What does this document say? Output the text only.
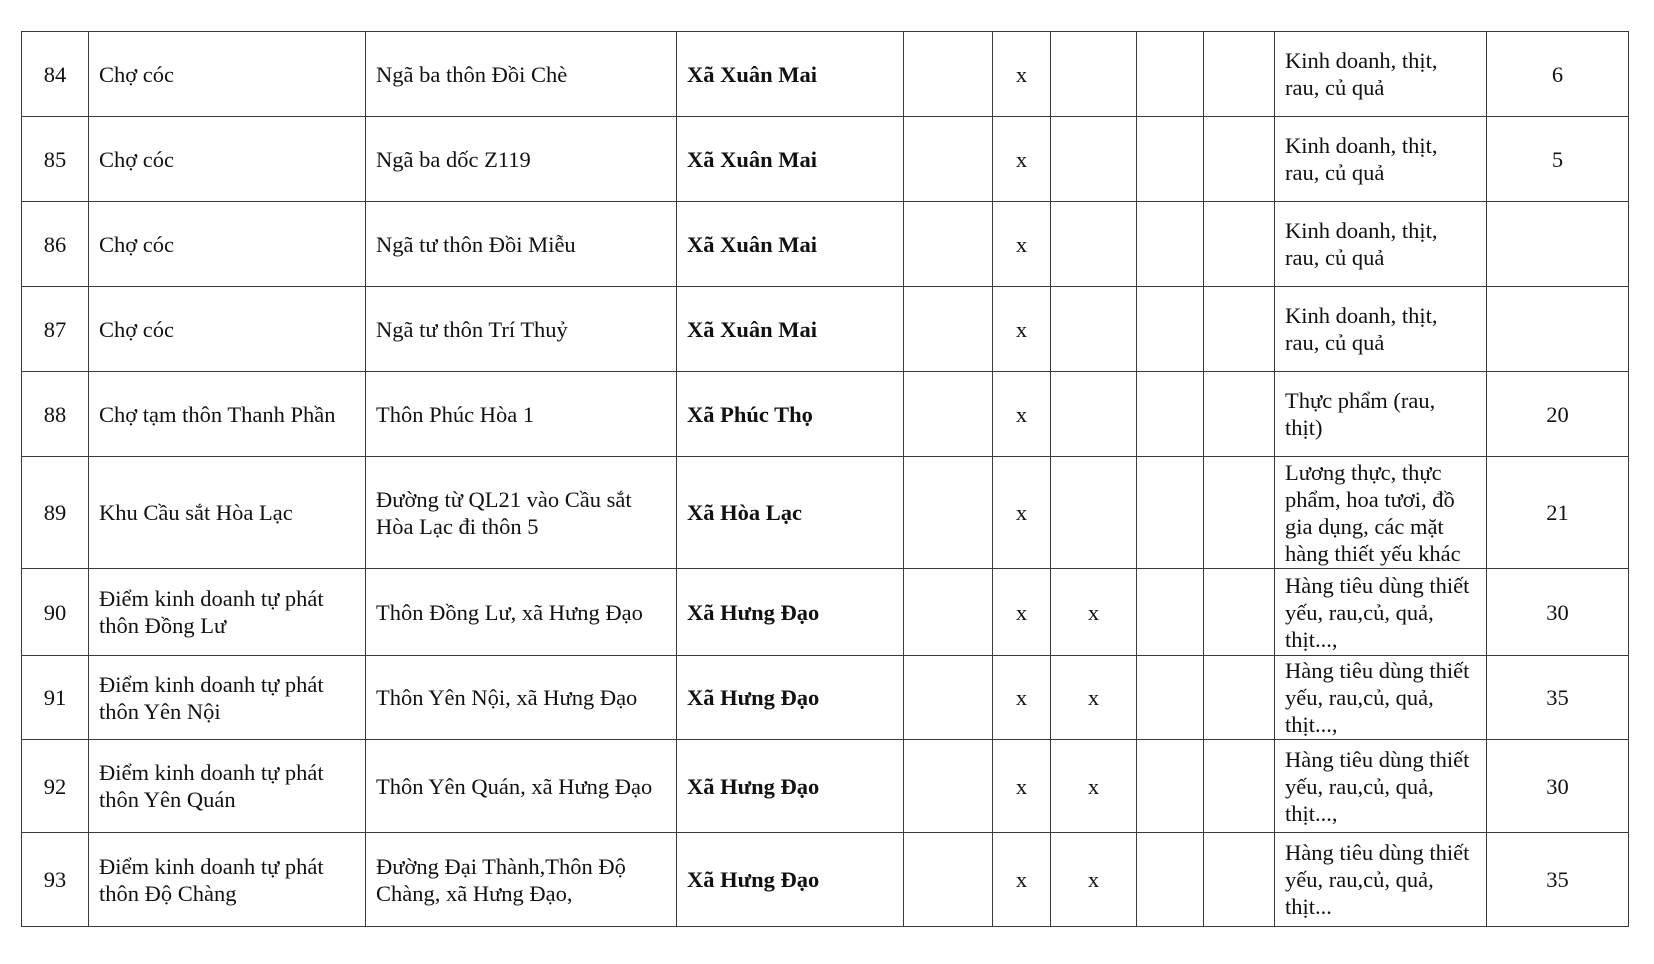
84	Chợ cóc	Ngã ba thôn Đồi Chè	Xã Xuân Mai		x				Kinh doanh, thịt, rau, củ quả	6
85	Chợ cóc	Ngã ba dốc Z119	Xã Xuân Mai		x				Kinh doanh, thịt, rau, củ quả	5
86	Chợ cóc	Ngã tư thôn Đồi Miễu	Xã Xuân Mai		x				Kinh doanh, thịt, rau, củ quả	
87	Chợ cóc	Ngã tư thôn Trí Thuỷ	Xã Xuân Mai		x				Kinh doanh, thịt, rau, củ quả	
88	Chợ tạm thôn Thanh Phần	Thôn Phúc Hòa 1	Xã Phúc Thọ		x				Thực phẩm (rau, thịt)	20
89	Khu Cầu sắt Hòa Lạc	Đường từ QL21 vào Cầu sắt Hòa Lạc đi thôn 5	Xã Hòa Lạc		x				Lương thực, thực phẩm, hoa tươi, đồ gia dụng, các mặt hàng thiết yếu khác	21
90	Điểm kinh doanh tự phát thôn Đồng Lư	Thôn Đồng Lư, xã Hưng Đạo	Xã Hưng Đạo		x	x			Hàng tiêu dùng thiết yếu, rau,củ, quả, thịt...,	30
91	Điểm kinh doanh tự phát thôn Yên Nội	Thôn Yên Nội, xã Hưng Đạo	Xã Hưng Đạo		x	x			Hàng tiêu dùng thiết yếu, rau,củ, quả, thịt...,	35
92	Điểm kinh doanh tự phát thôn Yên Quán	Thôn Yên Quán, xã Hưng Đạo	Xã Hưng Đạo		x	x			Hàng tiêu dùng thiết yếu, rau,củ, quả, thịt...,	30
93	Điểm kinh doanh tự phát thôn Độ Chàng	Đường Đại Thành,Thôn Độ Chàng, xã Hưng Đạo,	Xã Hưng Đạo		x	x			Hàng tiêu dùng thiết yếu, rau,củ, quả, thịt...	35
